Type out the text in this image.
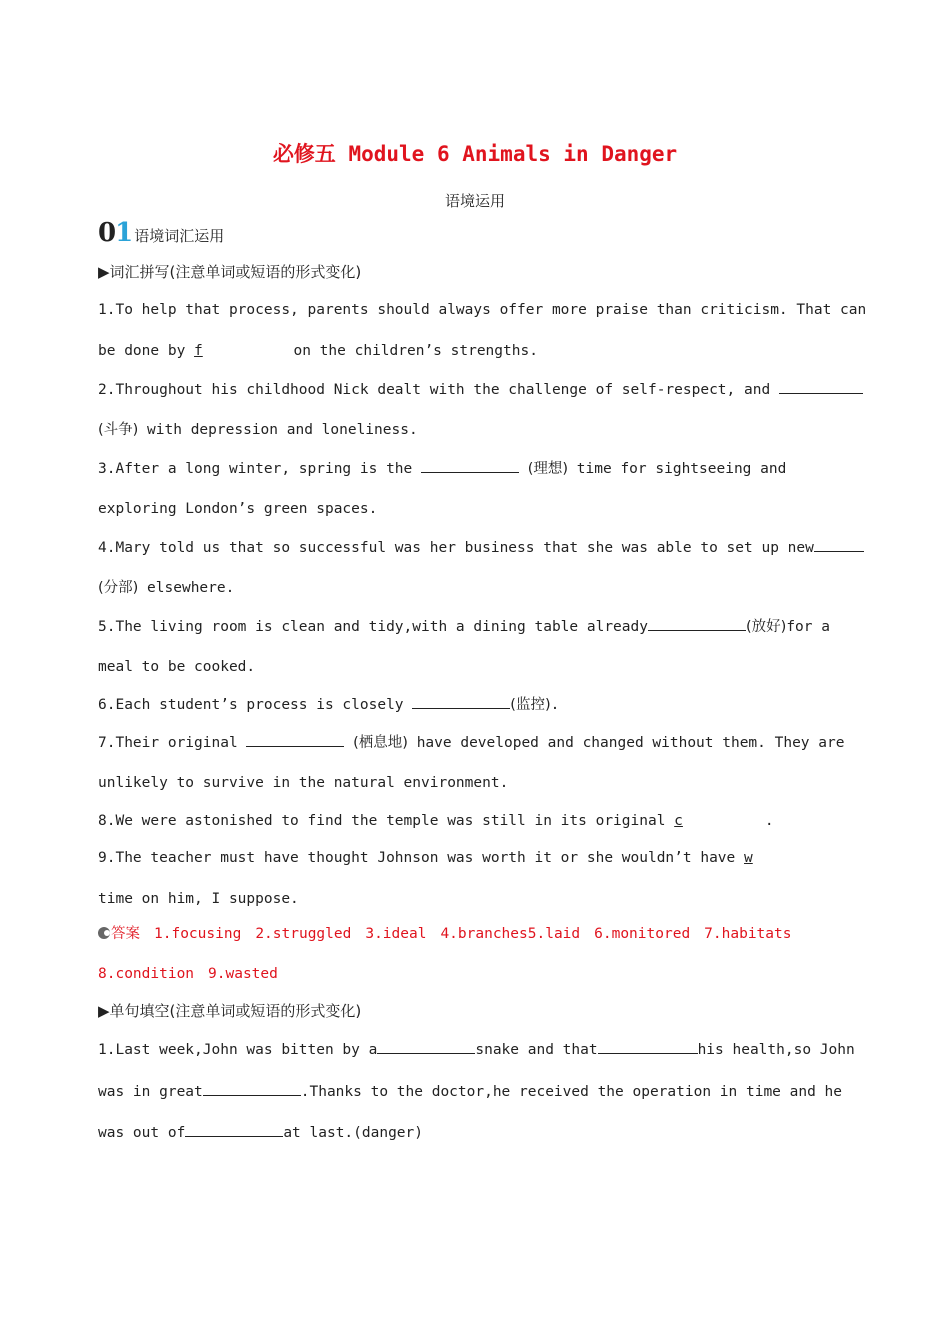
必修五 Module 6 Animals in Danger
语境运用
01 语境词汇运用
▶词汇拼写(注意单词或短语的形式变化)
1.To help that process, parents should always offer more praise than criticism. That can
be done by f	on the children’s strengths.
2.Throughout his childhood Nick dealt with the challenge of self-respect, and
(斗争) with depression and loneliness.
3.After a long winter, spring is the	(理想) time for sightseeing and
exploring London’s green spaces.
4.Mary told us that so successful was her business that she was able to set up new
(分部) elsewhere.
5.The living room is clean and tidy,with a dining table already	(放好)for a
meal to be cooked.
6.Each student’s process is closely	(监控).
7.Their original	(栖息地) have developed and changed without them. They are
unlikely to survive in the natural environment.
8.We were astonished to find the temple was still in its original c	.
9.The teacher must have thought Johnson was worth it or she wouldn’t have w
time on him, I suppose.
答案 1.focusing 2.struggled 3.ideal 4.branches5.laid 6.monitored 7.habitats
8.condition 9.wasted
▶单句填空(注意单词或短语的形式变化)
1.Last week,John was bitten by a	snake and that	his health,so John
was in great	.Thanks to the doctor,he received the operation in time and he
was out of	at last.(danger)
